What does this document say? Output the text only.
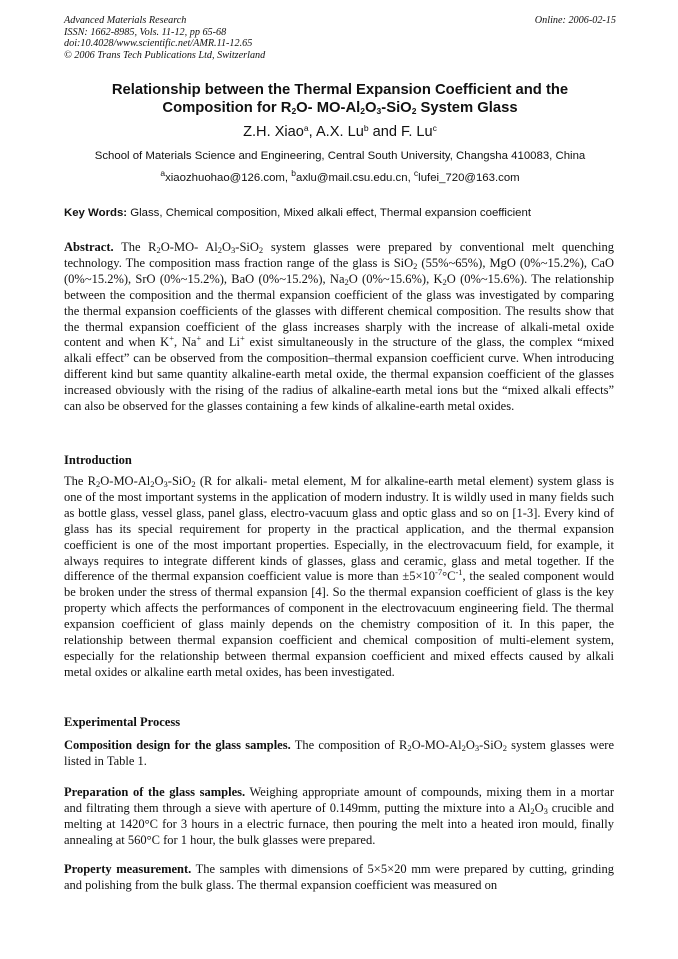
Advanced Materials Research
ISSN: 1662-8985, Vols. 11-12, pp 65-68
doi:10.4028/www.scientific.net/AMR.11-12.65
© 2006 Trans Tech Publications Ltd, Switzerland
Online: 2006-02-15
Relationship between the Thermal Expansion Coefficient and the
Composition for $R_2O-$ $MO-Al_2O_3-SiO_2$ System Glass
Z.H. Xiao$^a$, A.X. Lu$^b$ and F. Lu$^c$
School of Materials Science and Engineering, Central South University, Changsha 410083, China
$^a$xiaozhuohao@126.com, $^b$axlu@mail.csu.edu.cn, $^c$lufei_720@163.com
Key Words: Glass, Chemical composition, Mixed alkali effect, Thermal expansion coefficient
Abstract. The $R_2O-MO-$ $Al_2O_3-SiO_2$ system glasses were prepared by conventional melt quenching technology. The composition mass fraction range of the glass is SiO$_2$ (55%~65%), MgO (0%~15.2%), CaO (0%~15.2%), SrO (0%~15.2%), BaO (0%~15.2%), $Na_2O$ (0%~15.6%), $K_2O$ (0%~15.6%). The relationship between the composition and the thermal expansion coefficient of the glass was investigated by comparing the thermal expansion coefficients of the glasses with different chemical composition. The results show that the thermal expansion coefficient of the glass increases sharply with the increase of alkali-metal oxide content and when K+, Na+ and Li+ exist simultaneously in the structure of the glass, the complex “mixed alkali effect” can be observed from the composition–thermal expansion coefficient curve. When introducing different kind but same quantity alkaline-earth metal oxide, the thermal expansion coefficient of the glasses increased obviously with the rising of the radius of alkaline-earth metal ions but the “mixed alkali effects” can also be observed for the glasses containing a few kinds of alkaline-earth metal oxides.
Introduction
The $R_2O-MO-Al_2O_3-SiO_2$ (R for alkali- metal element, M for alkaline-earth metal element) system glass is one of the most important systems in the application of modern industry. It is wildly used in many fields such as bottle glass, vessel glass, panel glass, electro-vacuum glass and optic glass and so on [1-3]. Every kind of glass has its special requirement for property in the practical application, and the thermal expansion coefficient is one of the most important properties. Especially, in the electrovacuum field, for example, it always requires to integrate different kinds of glasses, glass and ceramic, glass and metal together. If the difference of the thermal expansion coefficient value is more than $\pm 5\times 10^{-7}^\circ C^{-1}$, the sealed component would be broken under the stress of thermal expansion [4]. So the thermal expansion coefficient of glass is the key property which affects the performances of component in the electrovacuum engineering field. The thermal expansion coefficient of glass mainly depends on the chemistry composition of it. In this paper, the relationship between thermal expansion coefficient and chemical composition of multi-element system, especially for the relationship between thermal expansion coefficient and mixed effects caused by alkali metal oxides or alkaline earth metal oxides, has been investigated.
Experimental Process
Composition design for the glass samples. The composition of $R_2O-MO-Al_2O_3-SiO_2$ system glasses were listed in Table 1.
Preparation of the glass samples. Weighing appropriate amount of compounds, mixing them in a mortar and filtrating them through a sieve with aperture of 0.149mm, putting the mixture into a $Al_2O_3$ crucible and melting at 1420°C for 3 hours in a electric furnace, then pouring the melt into a heated iron mould, finally annealing at 560°C for 1 hour, the bulk glasses were prepared.
Property measurement. The samples with dimensions of 5×5×20 mm were prepared by cutting, grinding and polishing from the bulk glass. The thermal expansion coefficient was measured on
